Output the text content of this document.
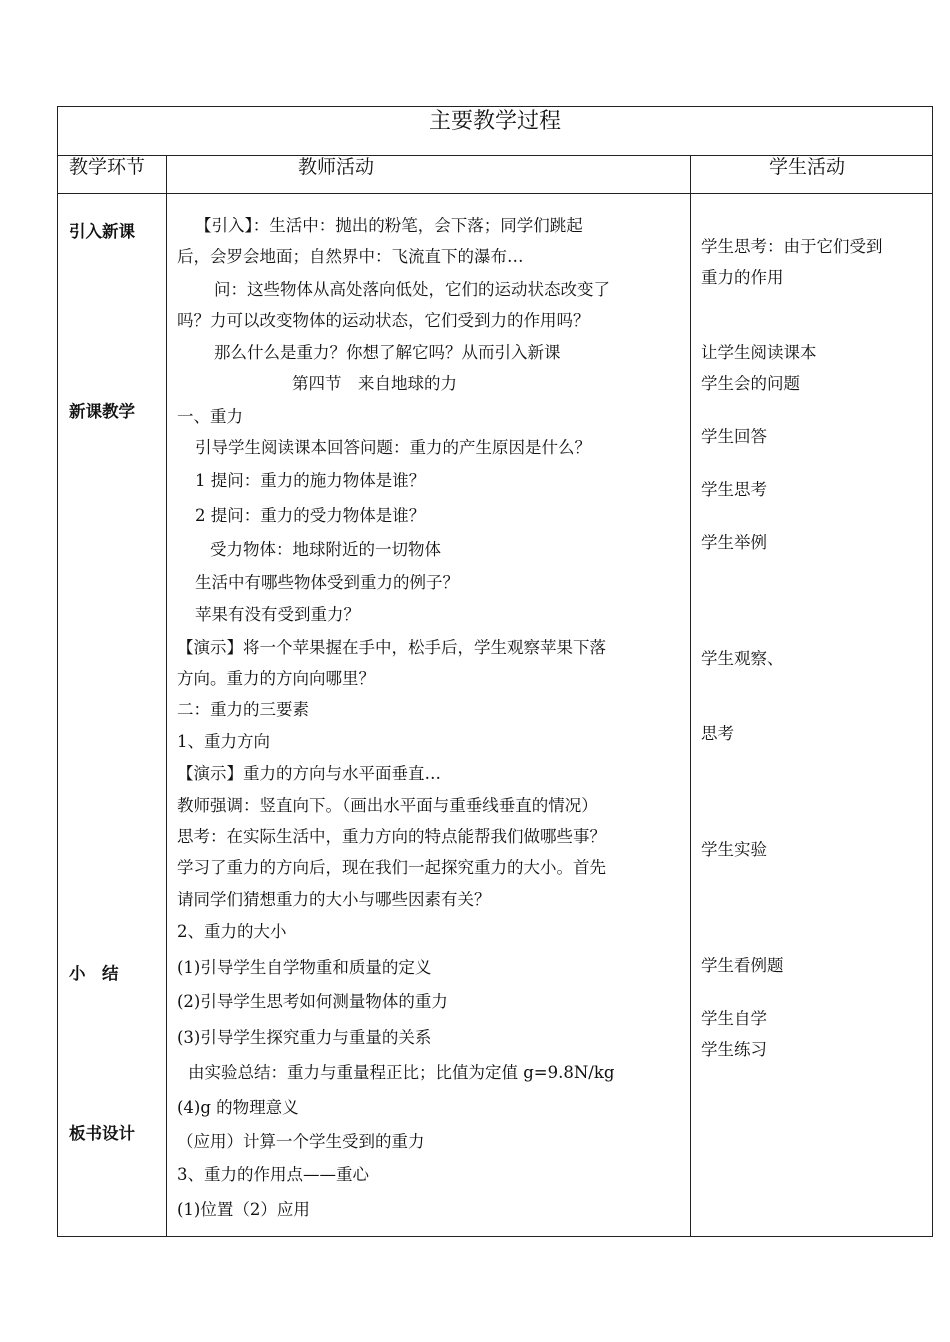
主要教学过程
教学环节	教师活动	学生活动
引入新课
新课教学
小　结
板书设计
【引入】：生活中：抛出的粉笔，会下落；同学们跳起
后，会罗会地面；自然界中：飞流直下的瀑布…
问：这些物体从高处落向低处，它们的运动状态改变了
吗？力可以改变物体的运动状态，它们受到力的作用吗？
那么什么是重力？你想了解它吗？从而引入新课
第四节　来自地球的力
一、重力
引导学生阅读课本回答问题：重力的产生原因是什么？
1 提问：重力的施力物体是谁？
2 提问：重力的受力物体是谁？
受力物体：地球附近的一切物体
生活中有哪些物体受到重力的例子？
苹果有没有受到重力？
【演示】将一个苹果握在手中，松手后，学生观察苹果下落
方向。重力的方向向哪里？
二：重力的三要素
1、重力方向
【演示】重力的方向与水平面垂直…
教师强调：竖直向下。（画出水平面与重垂线垂直的情况）
思考：在实际生活中，重力方向的特点能帮我们做哪些事？
学习了重力的方向后，现在我们一起探究重力的大小。首先
请同学们猜想重力的大小与哪些因素有关？
2、重力的大小
(1)引导学生自学物重和质量的定义
(2)引导学生思考如何测量物体的重力
(3)引导学生探究重力与重量的关系
由实验总结：重力与重量程正比；比值为定值 g=9.8N/kg
(4)g 的物理意义
（应用）计算一个学生受到的重力
3、重力的作用点——重心
(1)位置（2）应用
学生思考：由于它们受到
重力的作用
让学生阅读课本
学生会的问题
学生回答
学生思考
学生举例
学生观察、
思考
学生实验
学生看例题
学生自学
学生练习
